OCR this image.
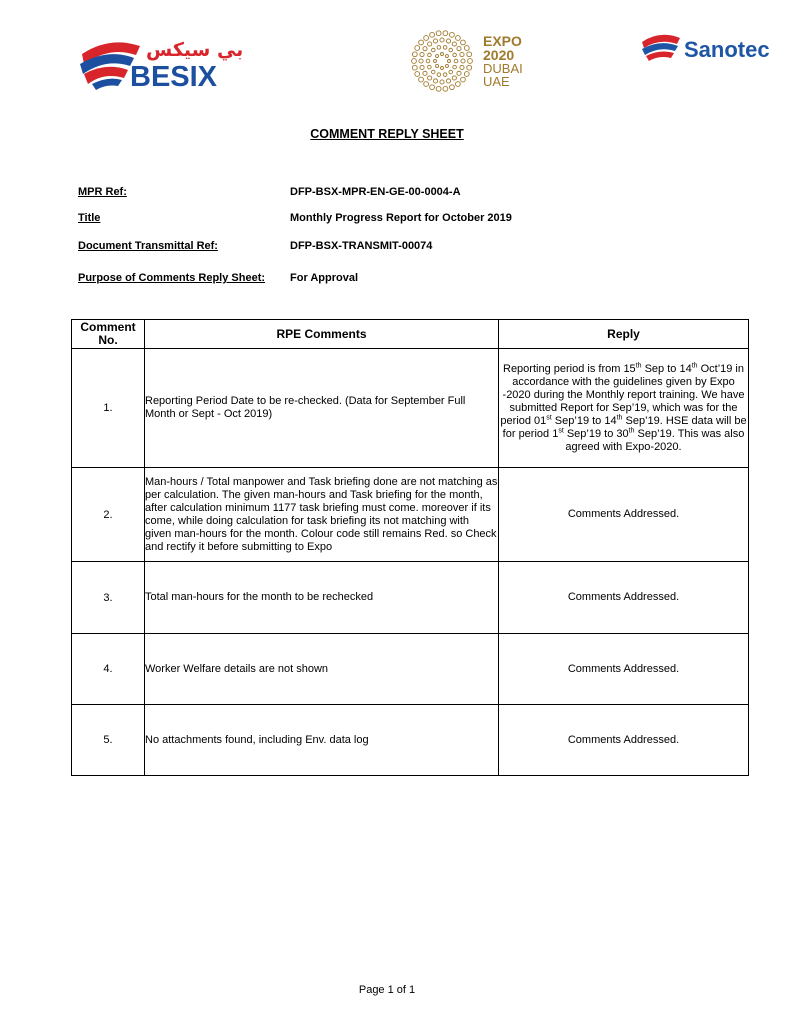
بي سيكس
BESIX
EXPO
2020
DUBAI
UAE
Sanotec
COMMENT REPLY SHEET
MPR Ref:	DFP-BSX-MPR-EN-GE-00-0004-A
Title	Monthly Progress Report for October 2019
Document Transmittal Ref:	DFP-BSX-TRANSMIT-00074
Purpose of Comments Reply Sheet: For Approval
Comment No.	RPE Comments	Reply
1.	Reporting Period Date to be re-checked. (Data for September Full Month or Sept - Oct 2019)	Reporting period is from 15th Sep to 14th Oct’19 in accordance with the guidelines given by Expo -2020 during the Monthly report training. We have submitted Report for Sep’19, which was for the period 01st Sep’19 to 14th Sep’19. HSE data will be for period 1st Sep’19 to 30th Sep’19. This was also agreed with Expo-2020.
2.	Man-hours / Total manpower and Task briefing done are not matching as per calculation. The given man-hours and Task briefing for the month, after calculation minimum 1177 task briefing must come. moreover if its come, while doing calculation for task briefing its not matching with given man-hours for the month. Colour code still remains Red. so Check and rectify it before submitting to Expo	Comments Addressed.
3.	Total man-hours for the month to be rechecked	Comments Addressed.
4.	Worker Welfare details are not shown	Comments Addressed.
5.	No attachments found, including Env. data log	Comments Addressed.
Page 1 of 1
